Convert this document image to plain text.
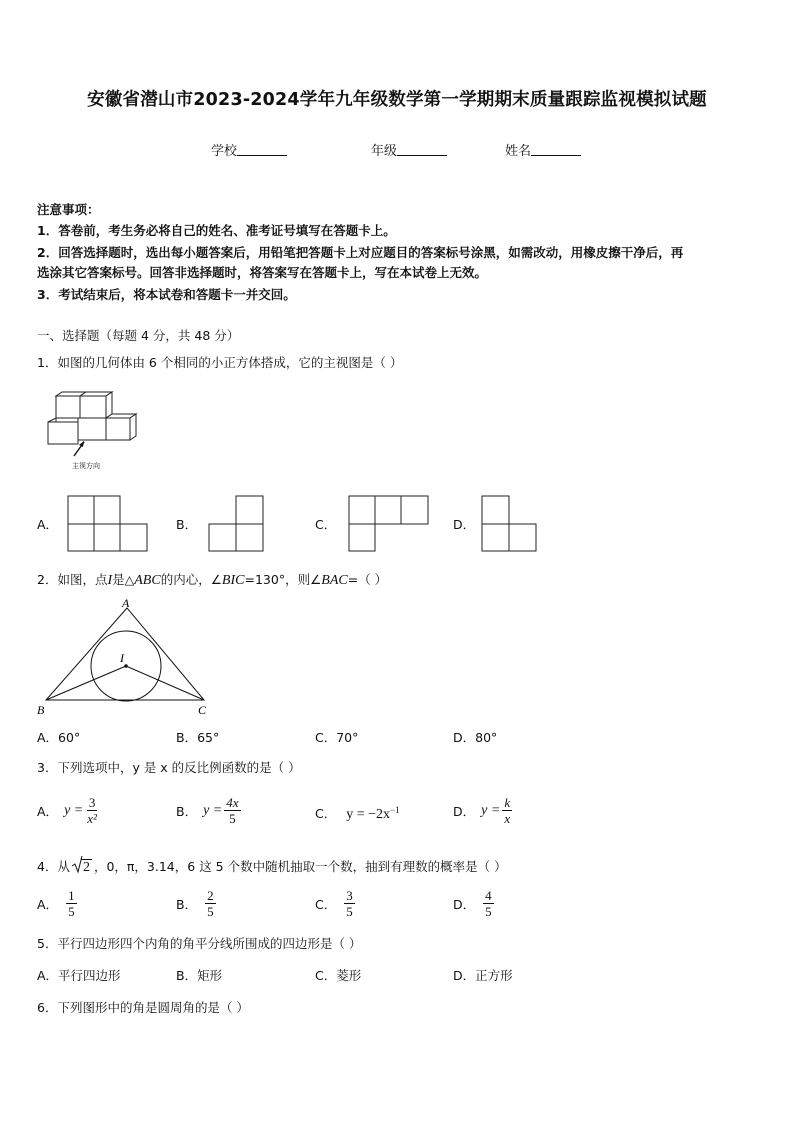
安徽省潜山市2023-2024学年九年级数学第一学期期末质量跟踪监视模拟试题
学校	年级	姓名
注意事项：
1．答卷前，考生务必将自己的姓名、准考证号填写在答题卡上。
2．回答选择题时，选出每小题答案后，用铅笔把答题卡上对应题目的答案标号涂黑，如需改动，用橡皮擦干净后，再
选涂其它答案标号。回答非选择题时，将答案写在答题卡上，写在本试卷上无效。
3．考试结束后，将本试卷和答题卡一并交回。
一、选择题（每题 4 分，共 48 分）
1．如图的几何体由 6 个相同的小正方体搭成，它的主视图是（ ）
主视方向
A．	B．	C．	D．
2．如图，点I是△ABC的内心，∠BIC=130°，则∠BAC=（ ）
A
B	C
I
A．60°	B．65°	C．70°	D．80°
3．下列选项中，y 是 x 的反比例函数的是（ ）
A． $y = \frac{3}{\text{x²}}$	B． $y = \frac{4x}{5}$	C． $y = -2x^{-1}$	D． $y = \frac{k}{x}$
4．从 2 ，0，π，3.14，6 这 5 个数中随机抽取一个数，抽到有理数的概率是（ ）
A． $\frac{1}{5}$	B． $\frac{2}{5}$	C． $\frac{3}{5}$	D． $\frac{4}{5}$
5．平行四边形四个内角的角平分线所围成的四边形是（ ）
A．平行四边形	B．矩形	C．菱形	D．正方形
6．下列图形中的角是圆周角的是（ ）
